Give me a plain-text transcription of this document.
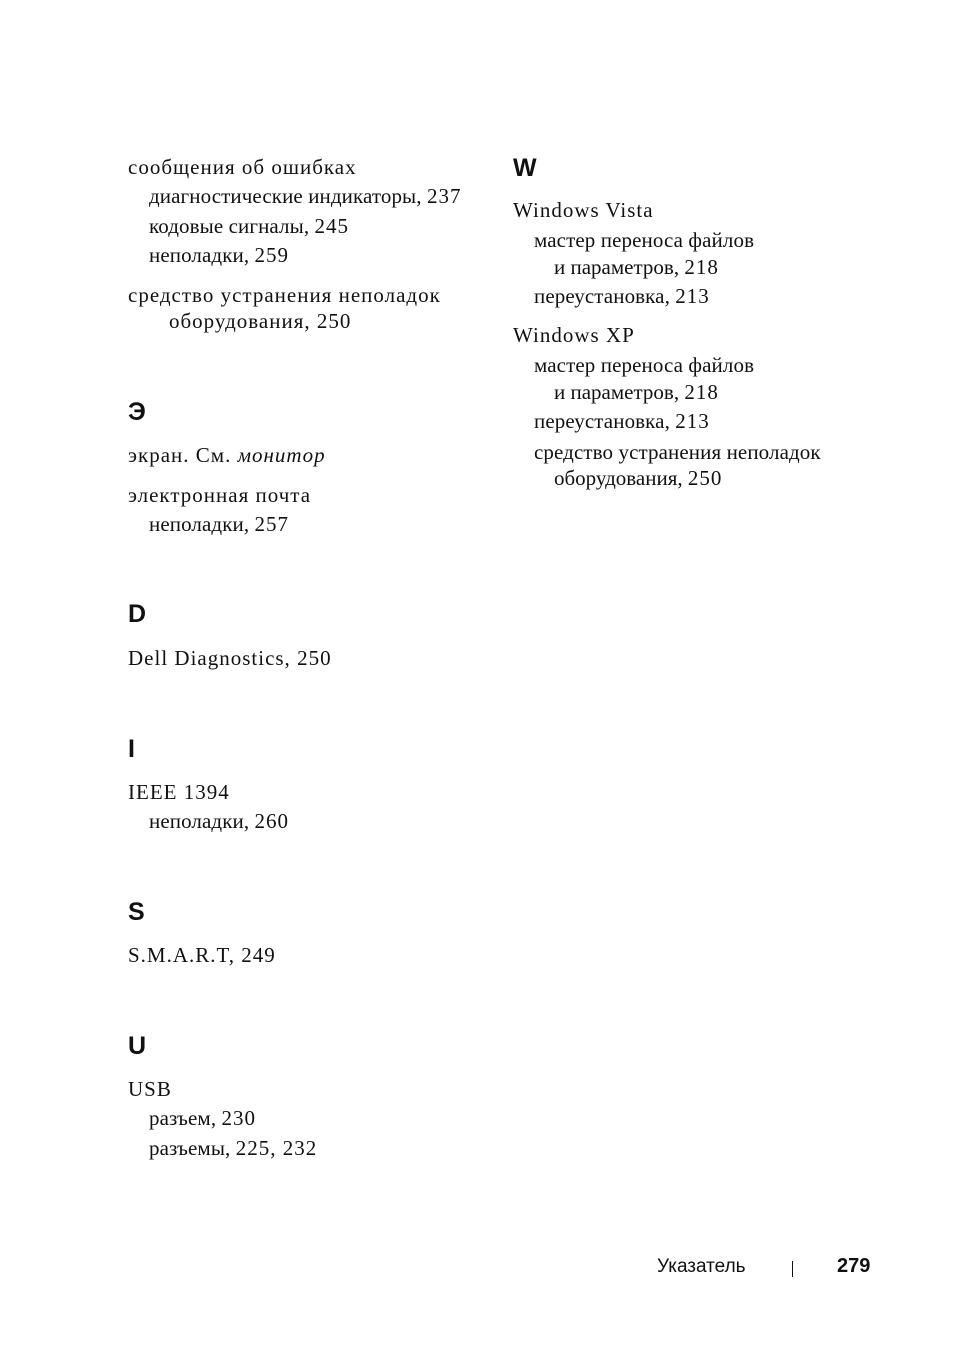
сообщения об ошибках
диагностические индикаторы, 237
кодовые сигналы, 245
неполадки, 259
средство устранения неполадок
оборудования, 250
Э
экран. См. монитор
электронная почта
неполадки, 257
D
Dell Diagnostics, 250
I
IEEE 1394
неполадки, 260
S
S.M.A.R.T, 249
U
USB
разъем, 230
разъемы, 225, 232
W
Windows Vista
мастер переноса файлов
и параметров, 218
переустановка, 213
Windows XP
мастер переноса файлов
и параметров, 218
переустановка, 213
средство устранения неполадок
оборудования, 250
Указатель	279
